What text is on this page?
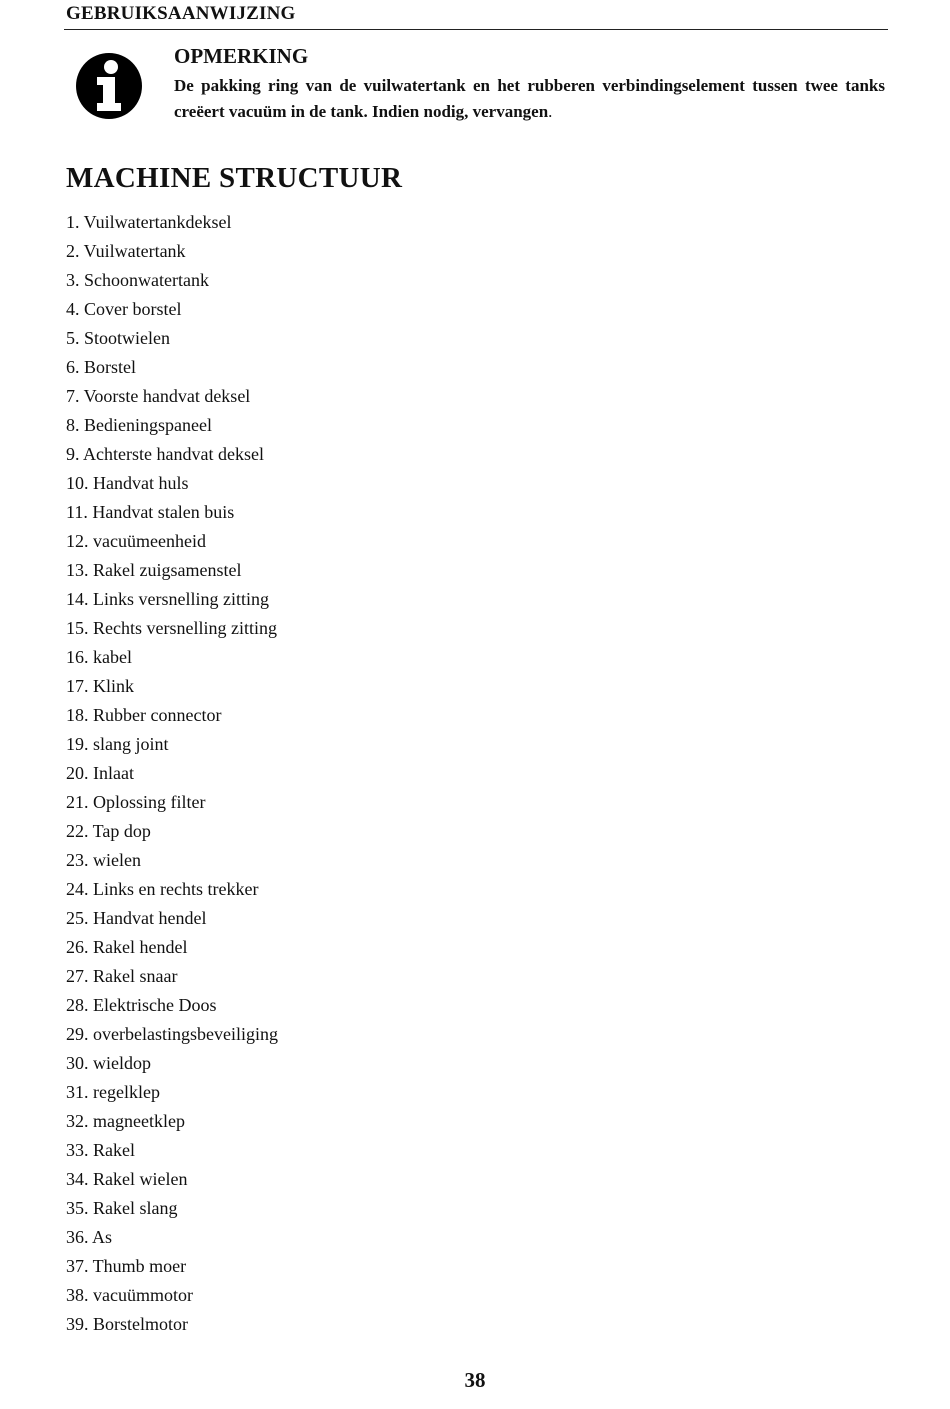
GEBRUIKSAANWIJZING
OPMERKING
De pakking ring van de vuilwatertank en het rubberen verbindingselement tussen twee tanks creëert vacuüm in de tank. Indien nodig, vervangen.
MACHINE STRUCTUUR
1. Vuilwatertankdeksel
2. Vuilwatertank
3. Schoonwatertank
4. Cover borstel
5. Stootwielen
6. Borstel
7. Voorste handvat deksel
8. Bedieningspaneel
9. Achterste handvat deksel
10. Handvat huls
11. Handvat stalen buis
12. vacuümeenheid
13. Rakel zuigsamenstel
14. Links versnelling zitting
15. Rechts versnelling zitting
16. kabel
17. Klink
18. Rubber connector
19. slang joint
20. Inlaat
21. Oplossing filter
22. Tap dop
23. wielen
24. Links en rechts trekker
25. Handvat hendel
26. Rakel hendel
27. Rakel snaar
28. Elektrische Doos
29. overbelastingsbeveiliging
30. wieldop
31. regelklep
32. magneetklep
33. Rakel
34. Rakel wielen
35. Rakel slang
36. As
37. Thumb moer
38. vacuümmotor
39. Borstelmotor
38
